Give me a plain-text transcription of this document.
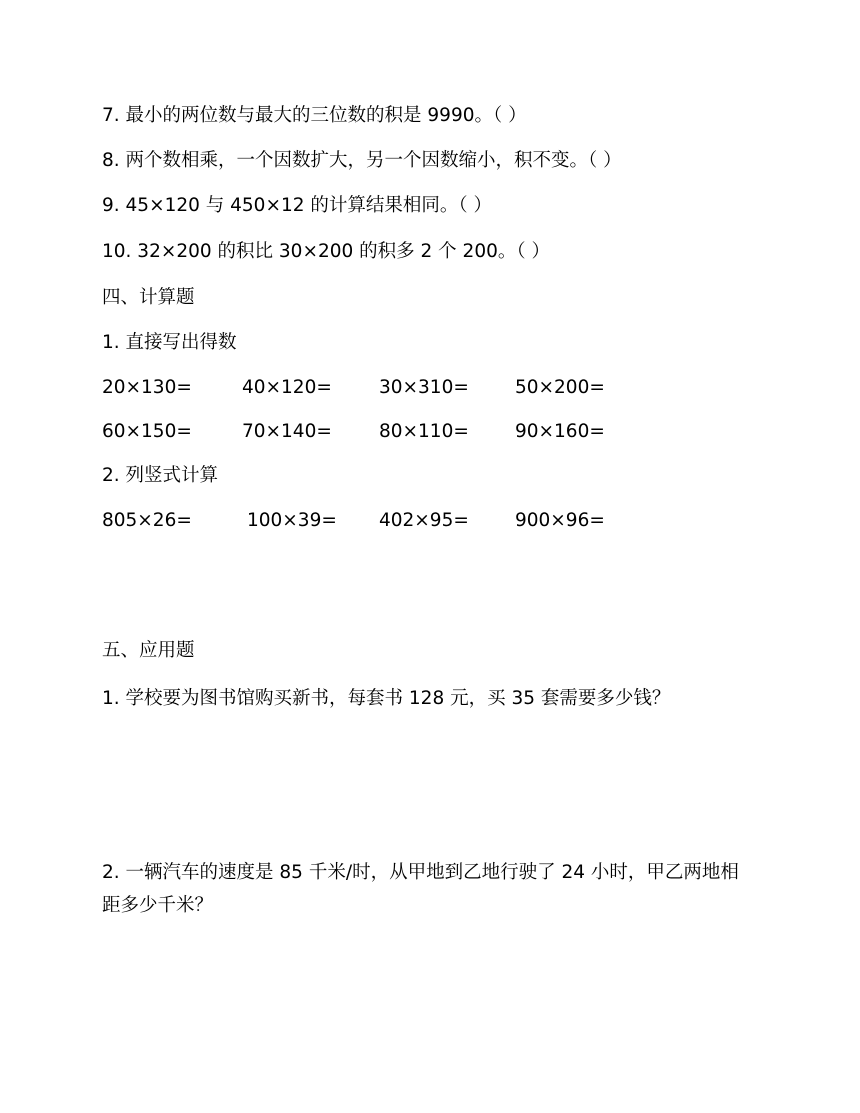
7. 最小的两位数与最大的三位数的积是 9990。（ ）
8. 两个数相乘，一个因数扩大，另一个因数缩小，积不变。（ ）
9. 45×120 与 450×12 的计算结果相同。（ ）
10. 32×200 的积比 30×200 的积多 2 个 200。（ ）
四、计算题
1. 直接写出得数
20×130=	40×120=	30×310= 50×200=
60×150=	70×140=	80×110= 90×160=
2. 列竖式计算
805×26=	100×39= 402×95= 900×96=
五、应用题
1. 学校要为图书馆购买新书，每套书 128 元，买 35 套需要多少钱？
2. 一辆汽车的速度是 85 千米/时，从甲地到乙地行驶了 24 小时，甲乙两地相距多少千米？
